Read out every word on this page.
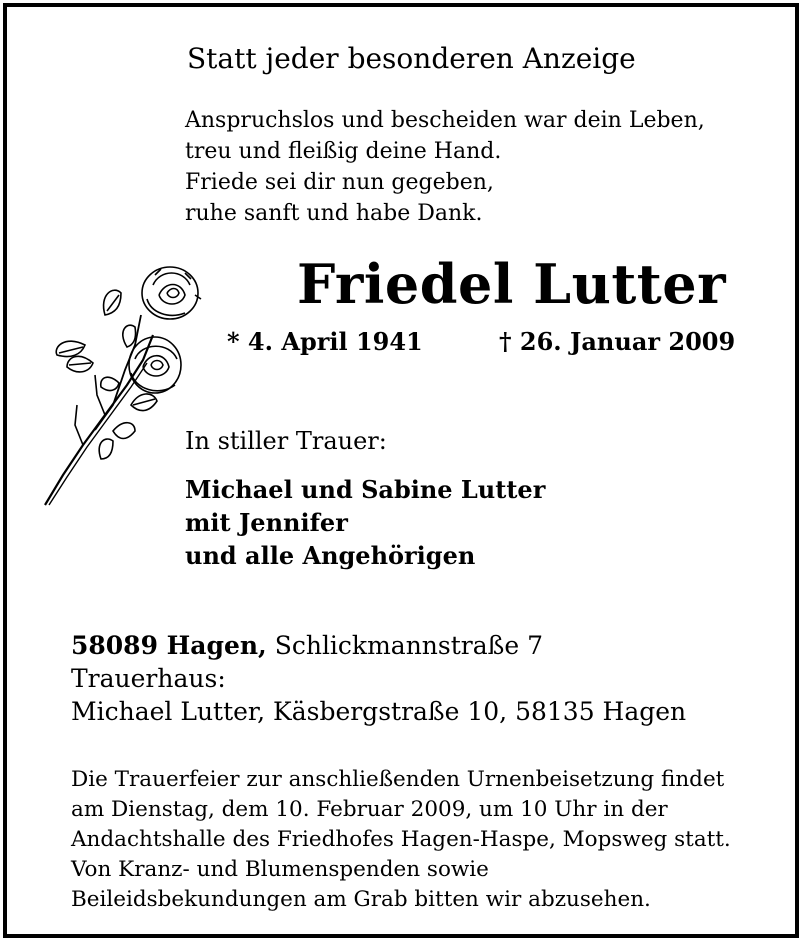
Statt jeder besonderen Anzeige
Anspruchslos und bescheiden war dein Leben,
treu und fleißig deine Hand.
Friede sei dir nun gegeben,
ruhe sanft und habe Dank.
Friedel Lutter
* 4. April 1941	† 26. Januar 2009
In stiller Trauer:
Michael und Sabine Lutter
mit Jennifer
und alle Angehörigen
58089 Hagen, Schlickmannstraße 7
Trauerhaus:
Michael Lutter, Käsbergstraße 10, 58135 Hagen
Die Trauerfeier zur anschließenden Urnenbeisetzung findet
am Dienstag, dem 10. Februar 2009, um 10 Uhr in der
Andachtshalle des Friedhofes Hagen-Haspe, Mopsweg statt.
Von Kranz- und Blumenspenden sowie
Beileidsbekundungen am Grab bitten wir abzusehen.
